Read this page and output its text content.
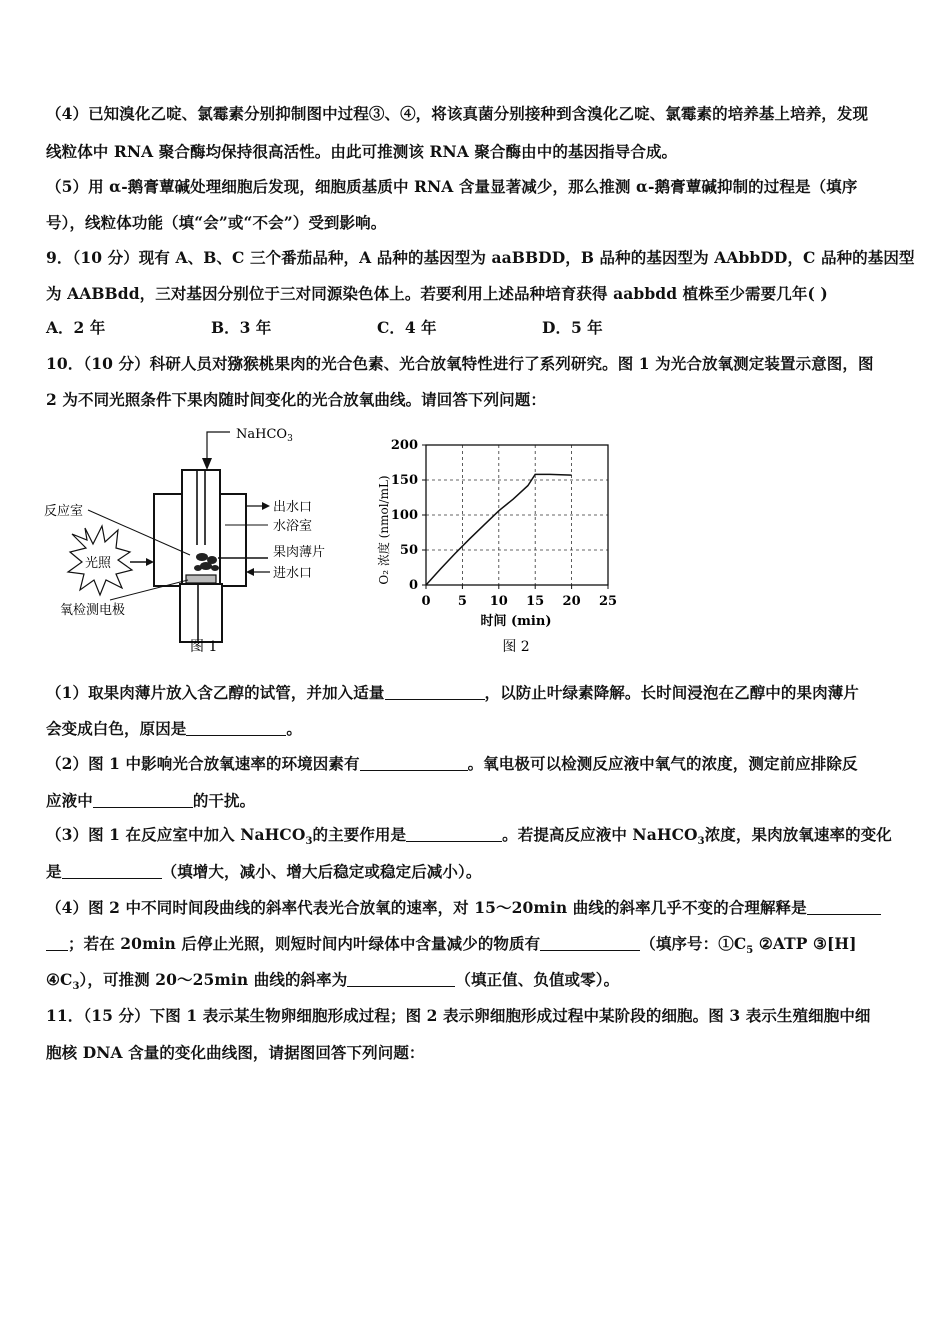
（4）已知溴化乙啶、氯霉素分别抑制图中过程③、④，将该真菌分别接种到含溴化乙啶、氯霉素的培养基上培养，发现
线粒体中 RNA 聚合酶均保持很高活性。由此可推测该 RNA 聚合酶由中的基因指导合成。
（5）用 α-鹅膏蕈碱处理细胞后发现，细胞质基质中 RNA 含量显著减少，那么推测 α-鹅膏蕈碱抑制的过程是（填序
号），线粒体功能（填“会”或“不会”）受到影响。
9．（10 分）现有 A、B、C 三个番茄品种，A 品种的基因型为 aaBBDD，B 品种的基因型为 AAbbDD，C 品种的基因型
为 AABBdd，三对基因分别位于三对同源染色体上。若要利用上述品种培育获得 aabbdd 植株至少需要几年( )
A．2 年	B．3 年	C．4 年	D．5 年
10．（10 分）科研人员对猕猴桃果肉的光合色素、光合放氧特性进行了系列研究。图 1 为光合放氧测定装置示意图，图
2 为不同光照条件下果肉随时间变化的光合放氧曲线。请回答下列问题：
NaHCO$_3$
反应室
光照
氧检测电极
出水口
水浴室
果肉薄片
进水口
图 1
0
50
100
150
200
0 5 10 15 20 25
O₂ 浓度 (nmol/mL)
时间 (min)
图 2
（1）取果肉薄片放入含乙醇的试管，并加入适量	，以防止叶绿素降解。长时间浸泡在乙醇中的果肉薄片
会变成白色，原因是	。
（2）图 1 中影响光合放氧速率的环境因素有	。氧电极可以检测反应液中氧气的浓度，测定前应排除反
应液中	的干扰。
（3）图 1 在反应室中加入 NaHCO$_3$的主要作用是	。若提高反应液中 NaHCO$_3$浓度，果肉放氧速率的变化
是	（填增大，减小、增大后稳定或稳定后减小）。
（4）图 2 中不同时间段曲线的斜率代表光合放氧的速率，对 15～20min 曲线的斜率几乎不变的合理解释是
；若在 20min 后停止光照，则短时间内叶绿体中含量减少的物质有	（填序号：$①C_5$ ②ATP ③[H]
$④C_3$），可推测 20～25min 曲线的斜率为	（填正值、负值或零）。
11．（15 分）下图 1 表示某生物卵细胞形成过程；图 2 表示卵细胞形成过程中某阶段的细胞。图 3 表示生殖细胞中细
胞核 DNA 含量的变化曲线图，请据图回答下列问题：
